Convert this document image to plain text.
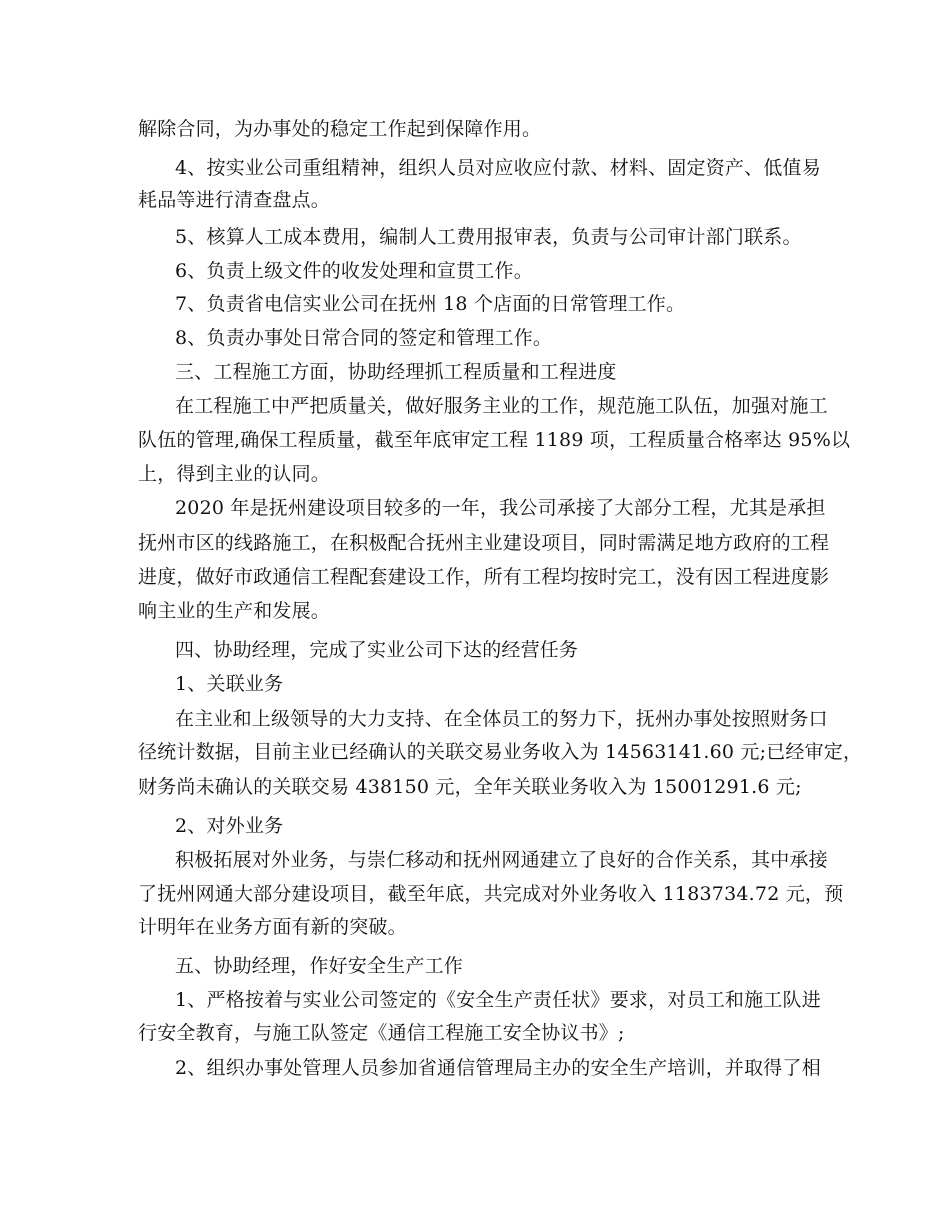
解除合同，为办事处的稳定工作起到保障作用。
4、按实业公司重组精神，组织人员对应收应付款、材料、固定资产、低值易
耗品等进行清查盘点。
5、核算人工成本费用，编制人工费用报审表，负责与公司审计部门联系。
6、负责上级文件的收发处理和宣贯工作。
7、负责省电信实业公司在抚州 18 个店面的日常管理工作。
8、负责办事处日常合同的签定和管理工作。
三、工程施工方面，协助经理抓工程质量和工程进度
在工程施工中严把质量关，做好服务主业的工作，规范施工队伍，加强对施工
队伍的管理,确保工程质量，截至年底审定工程 1189 项，工程质量合格率达 95%以
上，得到主业的认同。
2020 年是抚州建设项目较多的一年，我公司承接了大部分工程，尤其是承担
抚州市区的线路施工，在积极配合抚州主业建设项目，同时需满足地方政府的工程
进度，做好市政通信工程配套建设工作，所有工程均按时完工，没有因工程进度影
响主业的生产和发展。
四、协助经理，完成了实业公司下达的经营任务
1、关联业务
在主业和上级领导的大力支持、在全体员工的努力下，抚州办事处按照财务口
径统计数据，目前主业已经确认的关联交易业务收入为 14563141.60 元;已经审定，
财务尚未确认的关联交易 438150 元，全年关联业务收入为 15001291.6 元;
2、对外业务
积极拓展对外业务，与崇仁移动和抚州网通建立了良好的合作关系，其中承接
了抚州网通大部分建设项目，截至年底，共完成对外业务收入 1183734.72 元，预
计明年在业务方面有新的突破。
五、协助经理，作好安全生产工作
1、严格按着与实业公司签定的《安全生产责任状》要求，对员工和施工队进
行安全教育，与施工队签定《通信工程施工安全协议书》;
2、组织办事处管理人员参加省通信管理局主办的安全生产培训，并取得了相
